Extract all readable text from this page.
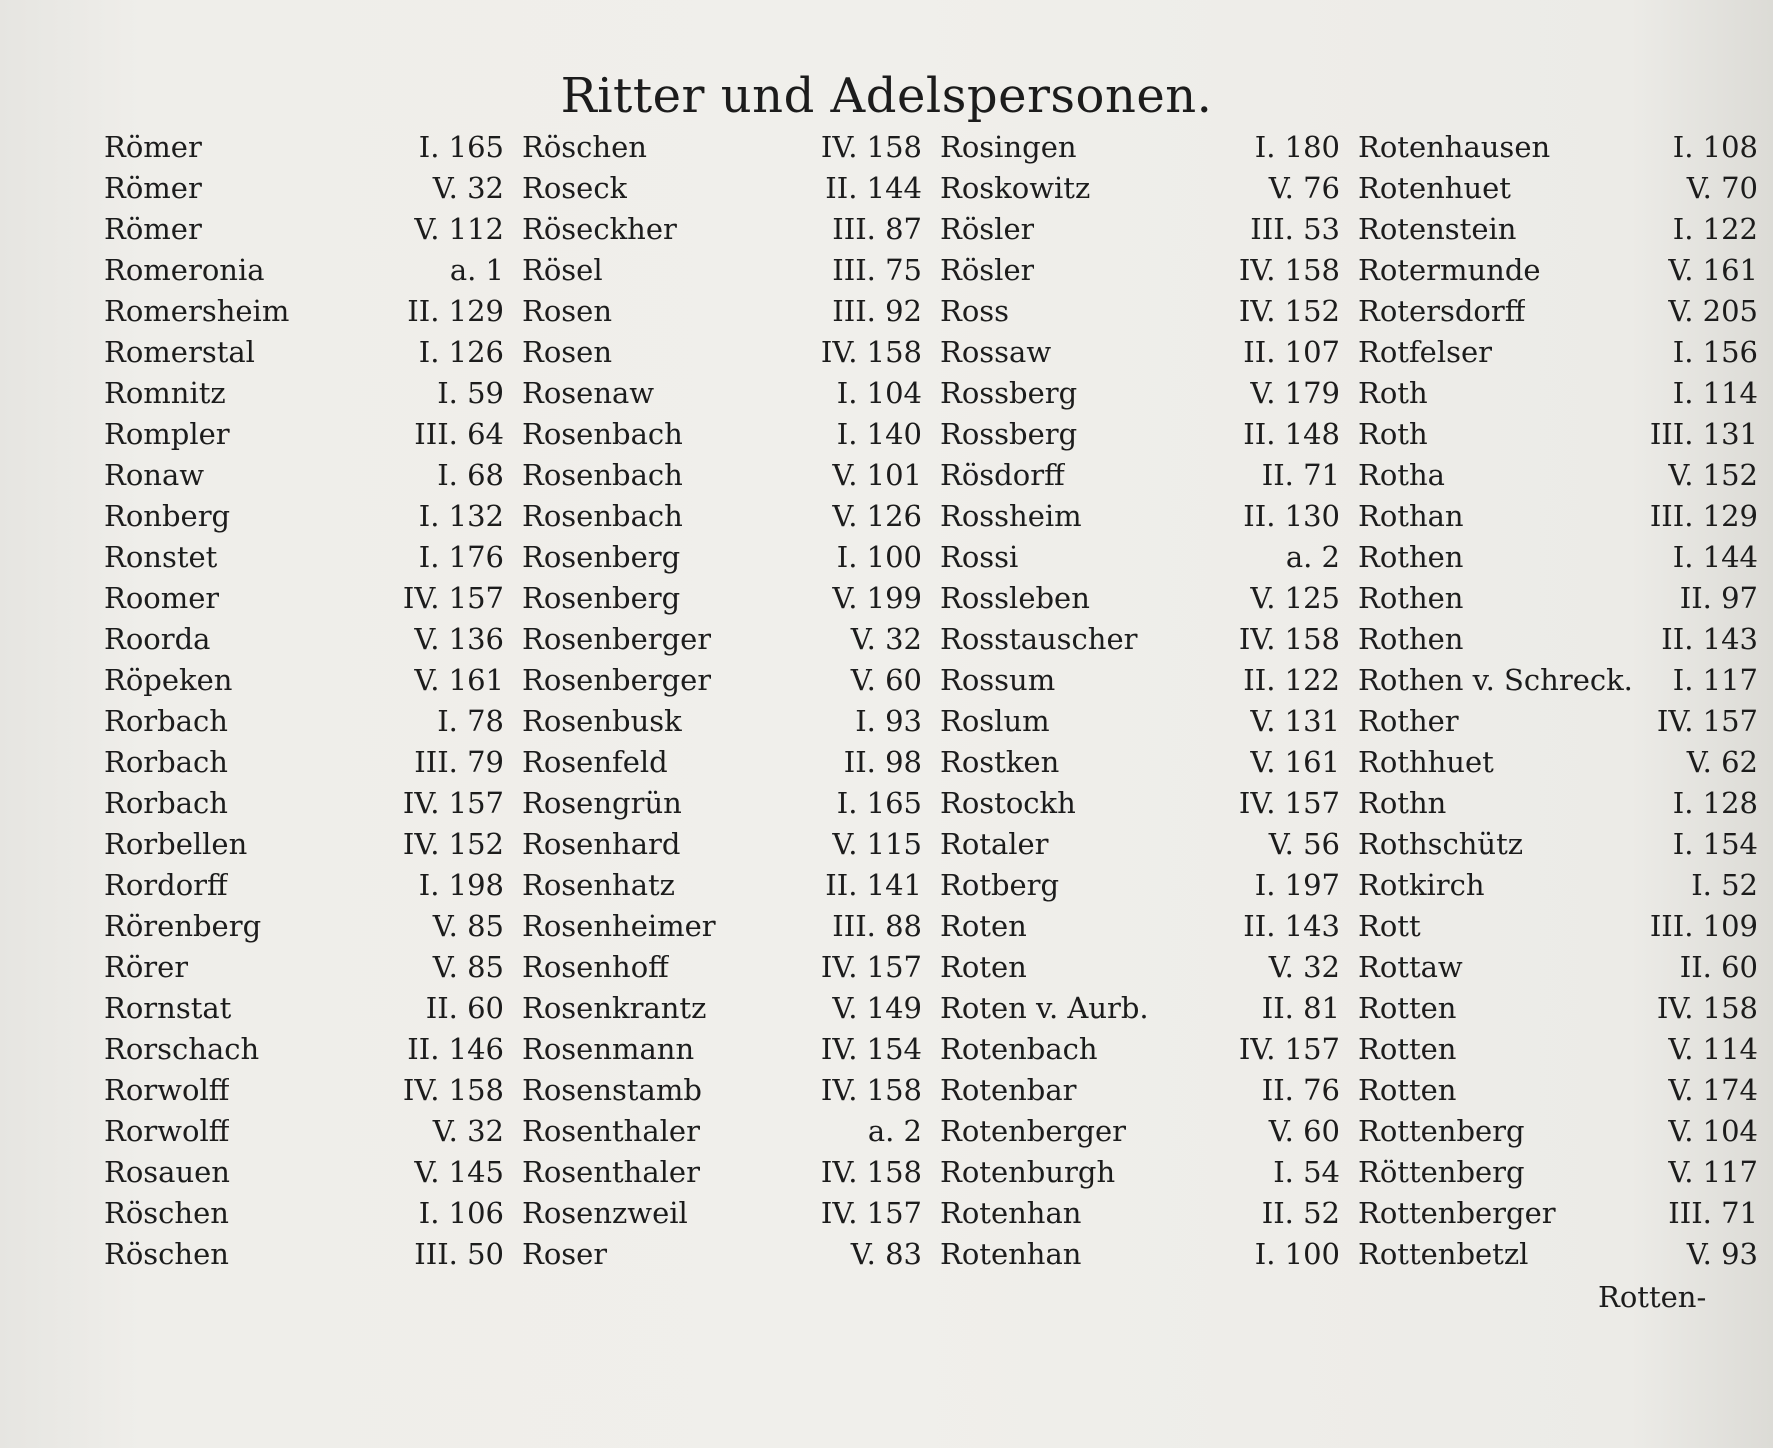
Ritter und Adelspersonen.
Römer	I. 165
Römer	V. 32
Römer	V. 112
Romeronia	a. 1
Romersheim	II. 129
Romerstal	I. 126
Romnitz	I. 59
Rompler	III. 64
Ronaw	I. 68
Ronberg	I. 132
Ronstet	I. 176
Roomer	IV. 157
Roorda	V. 136
Röpeken	V. 161
Rorbach	I. 78
Rorbach	III. 79
Rorbach	IV. 157
Rorbellen	IV. 152
Rordorff	I. 198
Rörenberg	V. 85
Rörer	V. 85
Rornstat	II. 60
Rorschach	II. 146
Rorwolff	IV. 158
Rorwolff	V. 32
Rosauen	V. 145
Röschen	I. 106
Röschen	III. 50
Röschen	IV. 158
Roseck	II. 144
Röseckher	III. 87
Rösel	III. 75
Rosen	III. 92
Rosen	IV. 158
Rosenaw	I. 104
Rosenbach	I. 140
Rosenbach	V. 101
Rosenbach	V. 126
Rosenberg	I. 100
Rosenberg	V. 199
Rosenberger	V. 32
Rosenberger	V. 60
Rosenbusk	I. 93
Rosenfeld	II. 98
Rosengrün	I. 165
Rosenhard	V. 115
Rosenhatz	II. 141
Rosenheimer	III. 88
Rosenhoff	IV. 157
Rosenkrantz	V. 149
Rosenmann	IV. 154
Rosenstamb	IV. 158
Rosenthaler	a. 2
Rosenthaler	IV. 158
Rosenzweil	IV. 157
Roser	V. 83
Rosingen	I. 180
Roskowitz	V. 76
Rösler	III. 53
Rösler	IV. 158
Ross	IV. 152
Rossaw	II. 107
Rossberg	V. 179
Rossberg	II. 148
Rösdorff	II. 71
Rossheim	II. 130
Rossi	a. 2
Rossleben	V. 125
Rosstauscher	IV. 158
Rossum	II. 122
Roslum	V. 131
Rostken	V. 161
Rostockh	IV. 157
Rotaler	V. 56
Rotberg	I. 197
Roten	II. 143
Roten	V. 32
Roten v. Aurb.	II. 81
Rotenbach	IV. 157
Rotenbar	II. 76
Rotenberger	V. 60
Rotenburgh	I. 54
Rotenhan	II. 52
Rotenhan	I. 100
Rotenhausen	I. 108
Rotenhuet	V. 70
Rotenstein	I. 122
Rotermunde	V. 161
Rotersdorff	V. 205
Rotfelser	I. 156
Roth	I. 114
Roth	III. 131
Rotha	V. 152
Rothan	III. 129
Rothen	I. 144
Rothen	II. 97
Rothen	II. 143
Rothen v. Schreck. I. 117
Rother	IV. 157
Rothhuet	V. 62
Rothn	I. 128
Rothschütz	I. 154
Rotkirch	I. 52
Rott	III. 109
Rottaw	II. 60
Rotten	IV. 158
Rotten	V. 114
Rotten	V. 174
Rottenberg	V. 104
Röttenberg	V. 117
Rottenberger	III. 71
Rottenbetzl	V. 93
Rotten-
